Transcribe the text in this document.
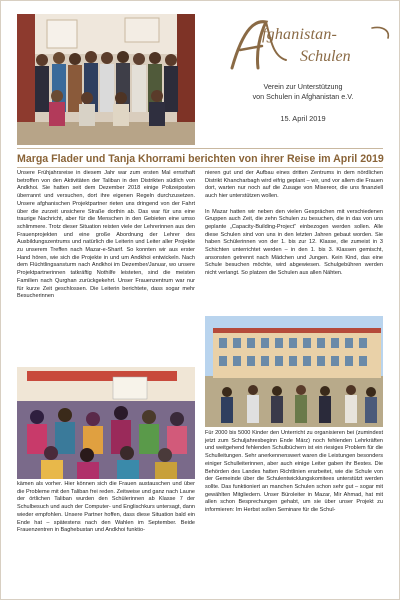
fghanistan-
Schulen
Verein zur Unterstützung
von Schulen in Afghanistan e.V.
15. April 2019
Marga Flader und Tanja Khorrami berichten von ihrer Reise im April 2019

Unsere Frühjahrsreise in diesem Jahr war zum ersten Mal ernsthaft betroffen von den Aktivitäten der Taliban in den Distrikten südlich von Andkhoi. Sie hatten seit dem Dezember 2018 einige Polizeiposten überrannt und versuchen, dort ihre eigenen Regeln durchzusetzen. Unsere afghanischen Projektpartner rieten uns dringend von der Fahrt über die zurzeit unsichere Straße dorthin ab. Das war für uns eine traurige Nachricht, aber für die Menschen in den Gebieten eine umso schlimmere. Trotz dieser Situation reisten viele der Lehrerinnen aus den Frauenprojekten und eine große Abordnung der Lehrer des Ausbildungszentrums und natürlich die Leiterin und Leiter aller Projekte zu unserem Treffen nach Mazar-e-Sharif. So konnten wir aus erster Hand hören, wie sich die Projekte in und um Andkhoi entwickeln. Nach dem Flüchtlingsansturm nach Andkhoi im Dezember/Januar, wo unsere Projektpartnerinnen tatkräftig Nothilfe leisteten, sind die meisten Familien nach Qurghan zurückgekehrt. Unser Frauenzentrum war nur für kurze Zeit geschlossen. Die Leiterin berichtete, dass sogar mehr Besucherinnen

kämen als vorher. Hier können sich die Frauen austauschen und über die Probleme mit den Taliban frei reden. Zeitweise und ganz nach Laune der örtlichen Taliban wurden den Schülerinnen ab Klasse 7 der Schulbesuch und auch der Computer- und Englischkurs untersagt, dann wieder empfohlen. Unsere Partner hoffen, dass diese Situation bald ein Ende hat – spätestens nach den Wahlen im September. Beide Frauenzentren in Baghebustan und Andkhoi funktio-

nieren gut und der Aufbau eines dritten Zentrums in dem nördlichen Distrikt Khancharbagh wird eifrig geplant – wir, und vor allem die Frauen dort, warten nur noch auf die Zusage von Misereor, die uns finanziell auch hier unterstützen wollen.

In Mazar hatten wir neben den vielen Gesprächen mit verschiedenen Gruppen auch Zeit, die zehn Schulen zu besuchen, die in das von uns geplante „Capacity-Building-Project“ einbezogen werden sollen. Alle diese Schulen sind von uns in den letzten Jahren gebaut worden. Sie haben Schülerinnen von der 1. bis zur 12. Klasse, die zumeist in 3 Schichten unterrichtet werden – in den 1. bis 3. Klassen gemischt, ansonsten getrennt nach Mädchen und Jungen. Kein Kind, das eine Schule besuchen möchte, wird abgewiesen. Schulgebühren werden nicht verlangt. So platzen die Schulen aus allen Nähten.

Für 2000 bis 5000 Kinder den Unterricht zu organisieren bei (zumindest jetzt zum Schuljahresbeginn Ende März) noch fehlenden Lehrkräften und weitgehend fehlenden Schulbüchern ist ein riesiges Problem für die Schulleitungen. Sehr anerkennenswert waren die Leistungen besonders einiger Schulleiterinnen, aber auch einige Leiter gaben ihr Bestes. Die Behörden des Landes hatten Richtlinien erarbeitet, wie die Schule von der Gemeinde über die Schulentwicklungskomitees unterstützt werden sollte. Das funktioniert an manchen Schulen schon sehr gut – sogar mit gewählten Mitgliedern. Unser Büroleiter in Mazar, Mir Ahmad, hat mit allen schon Besprechungen gehabt, um sie über unser Projekt zu informieren: Im Herbst sollen Seminare für die Schul-
